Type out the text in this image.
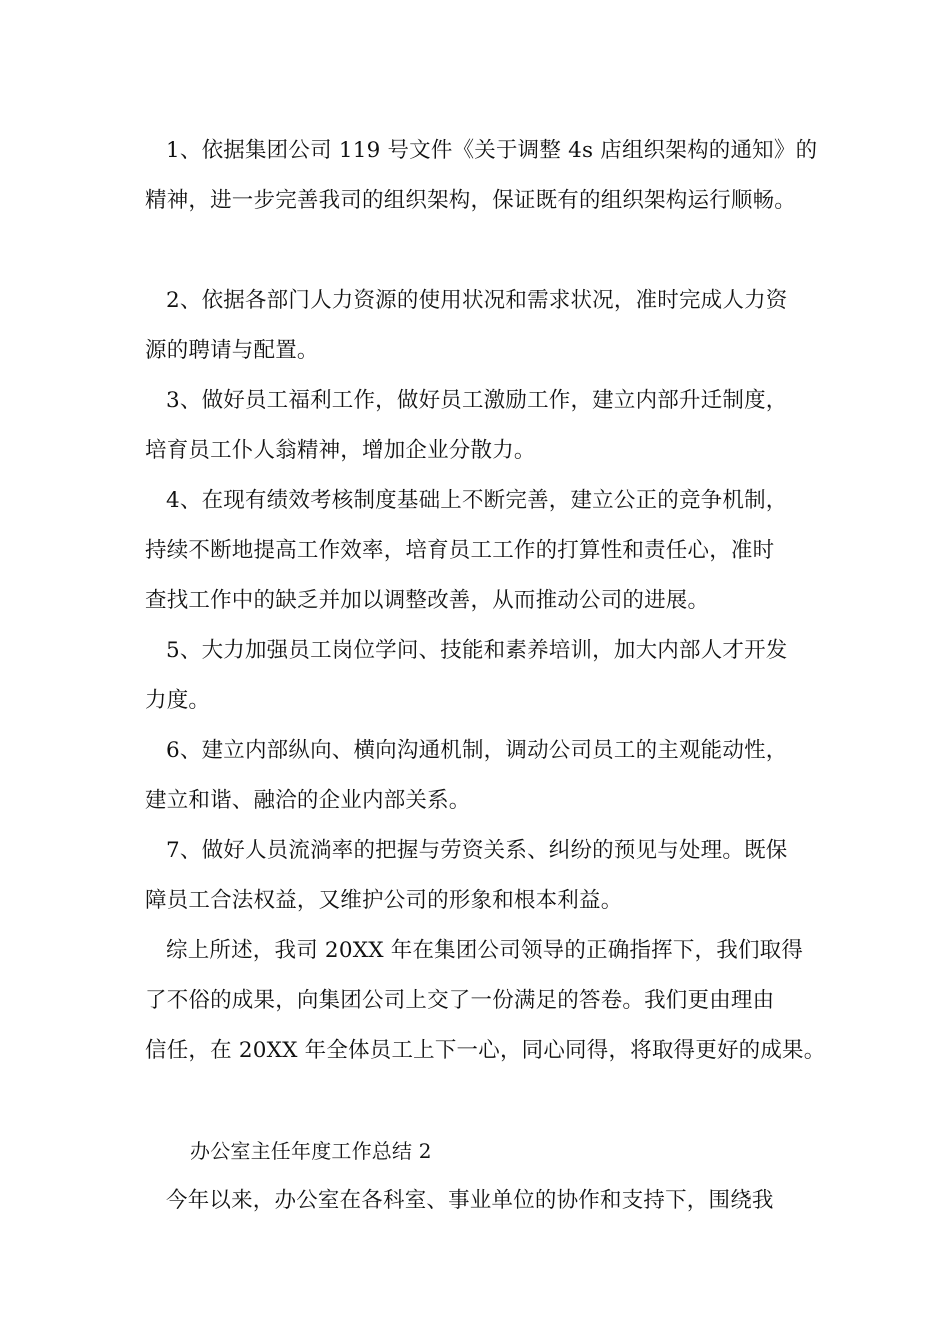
1、依据集团公司 119 号文件《关于调整 4s 店组织架构的通知》的
精神，进一步完善我司的组织架构，保证既有的组织架构运行顺畅。
2、依据各部门人力资源的使用状况和需求状况，准时完成人力资
源的聘请与配置。
3、做好员工福利工作，做好员工激励工作，建立内部升迁制度，
培育员工仆人翁精神，增加企业分散力。
4、在现有绩效考核制度基础上不断完善，建立公正的竞争机制，
持续不断地提高工作效率，培育员工工作的打算性和责任心，准时
查找工作中的缺乏并加以调整改善，从而推动公司的进展。
5、大力加强员工岗位学问、技能和素养培训，加大内部人才开发
力度。
6、建立内部纵向、横向沟通机制，调动公司员工的主观能动性，
建立和谐、融洽的企业内部关系。
7、做好人员流淌率的把握与劳资关系、纠纷的预见与处理。既保
障员工合法权益，又维护公司的形象和根本利益。
综上所述，我司 20XX 年在集团公司领导的正确指挥下，我们取得
了不俗的成果，向集团公司上交了一份满足的答卷。我们更由理由
信任，在 20XX 年全体员工上下一心，同心同得，将取得更好的成果。
办公室主任年度工作总结 2
今年以来，办公室在各科室、事业单位的协作和支持下，围绕我
